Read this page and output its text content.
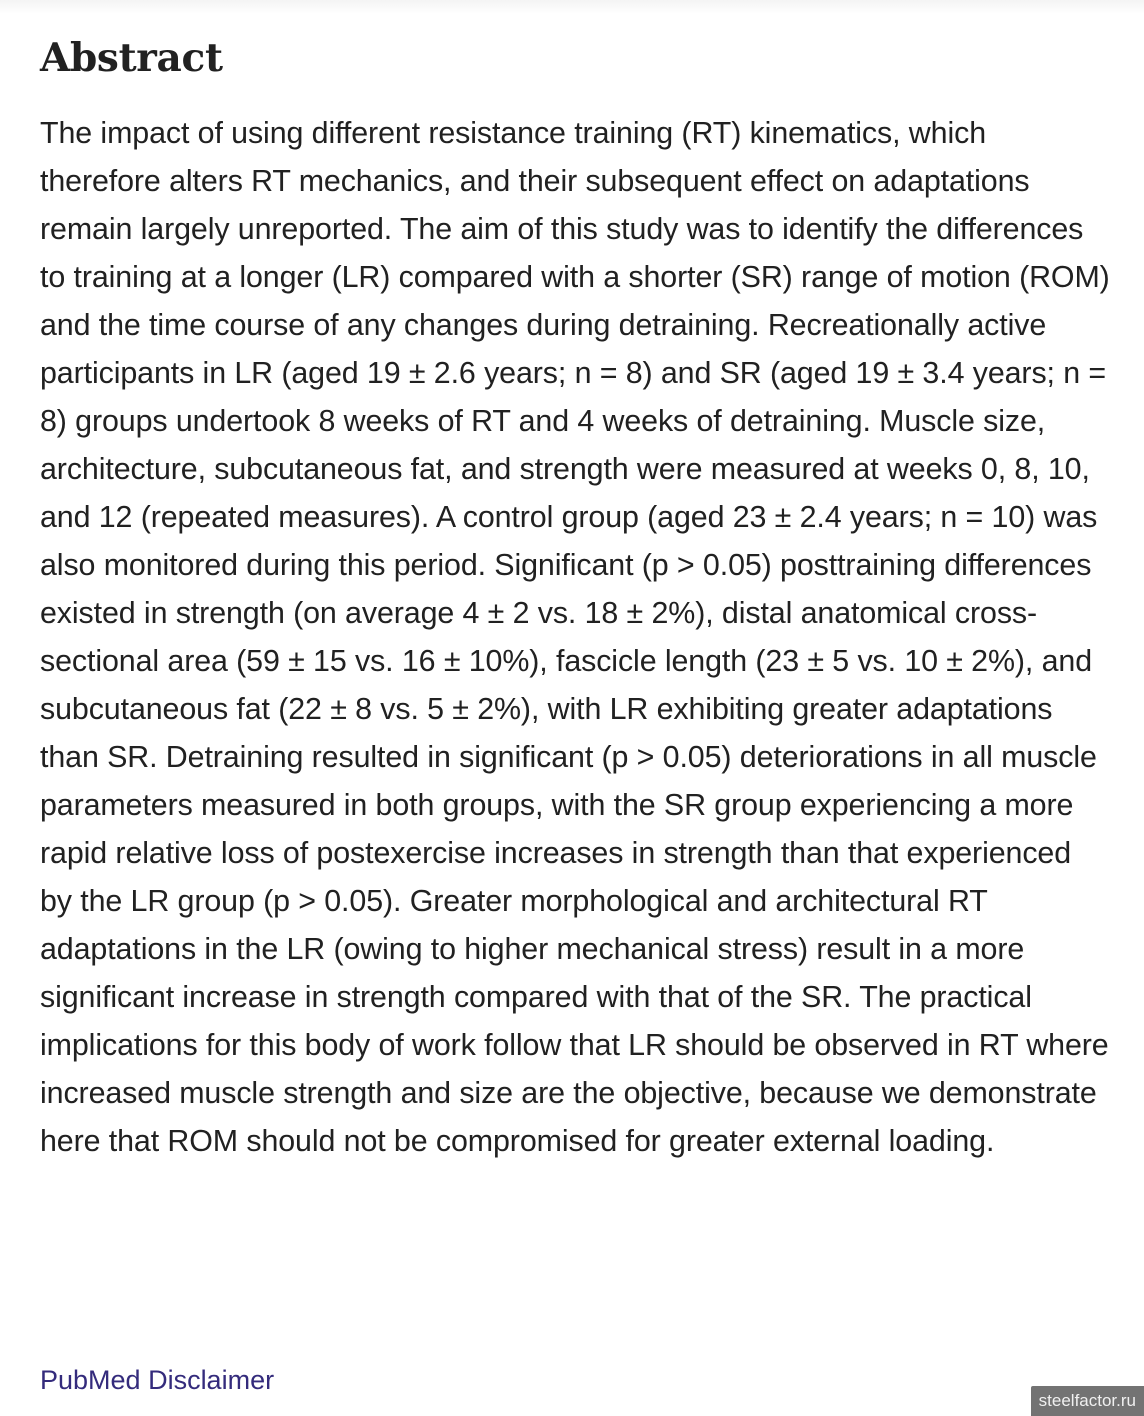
Abstract

The impact of using different resistance training (RT) kinematics, which therefore alters RT mechanics, and their subsequent effect on adaptations remain largely unreported. The aim of this study was to identify the differences to training at a longer (LR) compared with a shorter (SR) range of motion (ROM) and the time course of any changes during detraining. Recreationally active participants in LR (aged 19 ± 2.6 years; n = 8) and SR (aged 19 ± 3.4 years; n = 8) groups undertook 8 weeks of RT and 4 weeks of detraining. Muscle size, architecture, subcutaneous fat, and strength were measured at weeks 0, 8, 10, and 12 (repeated measures). A control group (aged 23 ± 2.4 years; n = 10) was also monitored during this period. Significant (p > 0.05) posttraining differences existed in strength (on average 4 ± 2 vs. 18 ± 2%), distal anatomical cross-sectional area (59 ± 15 vs. 16 ± 10%), fascicle length (23 ± 5 vs. 10 ± 2%), and subcutaneous fat (22 ± 8 vs. 5 ± 2%), with LR exhibiting greater adaptations than SR. Detraining resulted in significant (p > 0.05) deteriorations in all muscle parameters measured in both groups, with the SR group experiencing a more rapid relative loss of postexercise increases in strength than that experienced by the LR group (p > 0.05). Greater morphological and architectural RT adaptations in the LR (owing to higher mechanical stress) result in a more significant increase in strength compared with that of the SR. The practical implications for this body of work follow that LR should be observed in RT where increased muscle strength and size are the objective, because we demonstrate here that ROM should not be compromised for greater external loading.

PubMed Disclaimer
steelfactor.ru
